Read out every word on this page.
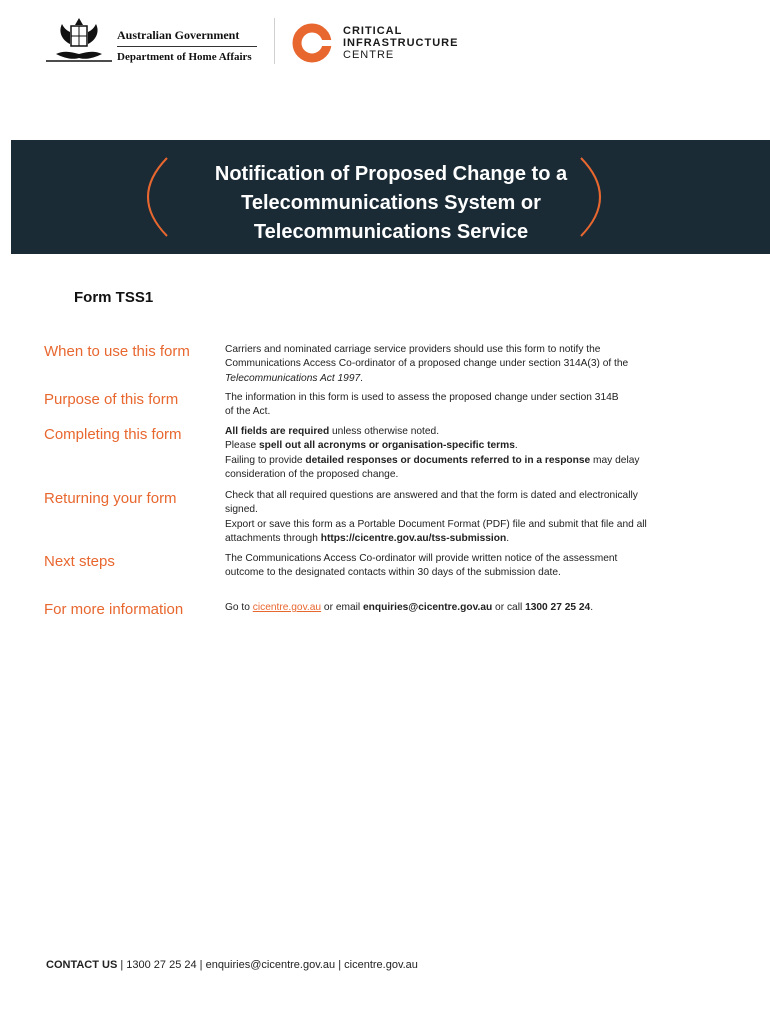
Australian Government
Department of Home Affairs
CRITICAL
INFRASTRUCTURE
CENTRE
Notification of Proposed Change to a
Telecommunications System or
Telecommunications Service
Form TSS1
When to use this form	Carriers and nominated carriage service providers should use this form to notify the Communications Access Co-ordinator of a proposed change under section 314A(3) of the Telecommunications Act 1997.

Purpose of this form	The information in this form is used to assess the proposed change under section 314B of the Act.

Completing this form	All fields are required unless otherwise noted.

Please spell out all acronyms or organisation-specific terms.

Failing to provide detailed responses or documents referred to in a response may delay consideration of the proposed change.

Returning your form	Check that all required questions are answered and that the form is dated and electronically signed.

Export or save this form as a Portable Document Format (PDF) file and submit that file and all attachments through https://cicentre.gov.au/tss-submission.

Next steps	The Communications Access Co-ordinator will provide written notice of the assessment outcome to the designated contacts within 30 days of the submission date.

For more information	Go to cicentre.gov.au or email enquiries@cicentre.gov.au or call 1300 27 25 24.

CONTACT US | 1300 27 25 24 | enquiries@cicentre.gov.au | cicentre.gov.au
